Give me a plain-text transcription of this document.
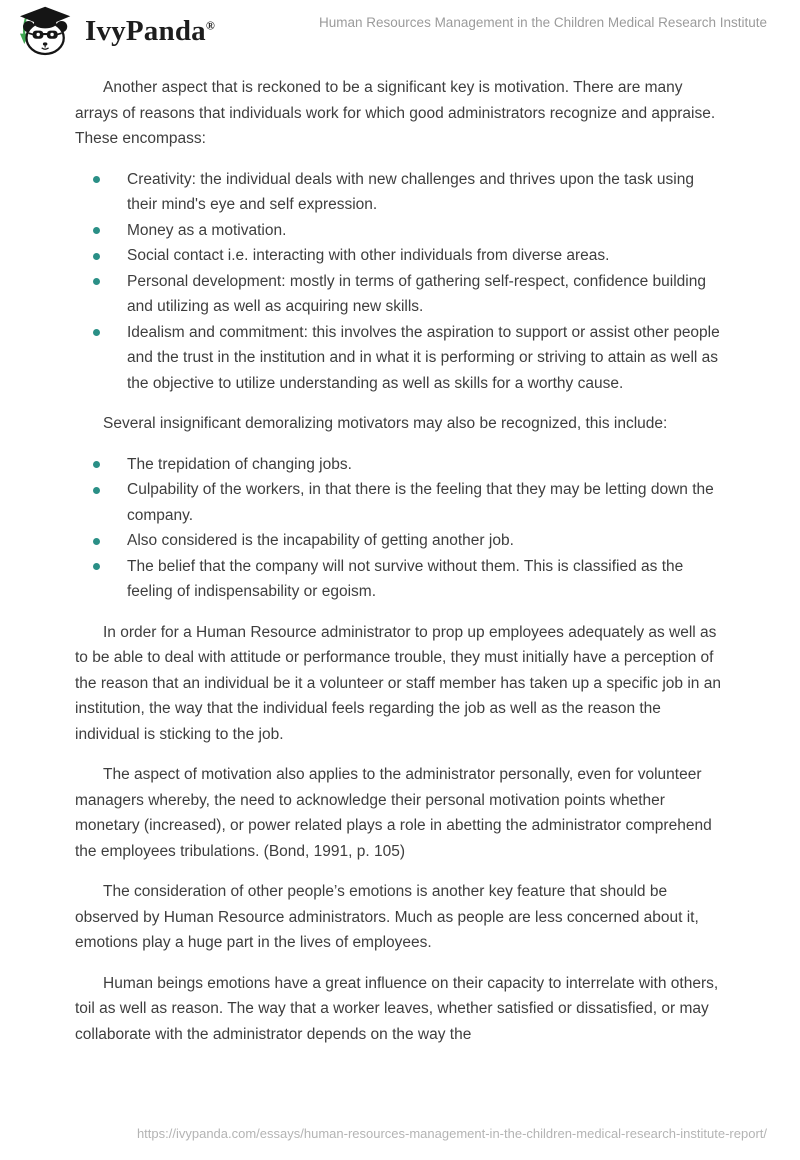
IvyPanda®	Human Resources Management in the Children Medical Research Institute

Another aspect that is reckoned to be a significant key is motivation. There are many arrays of reasons that individuals work for which good administrators recognize and appraise. These encompass:

Creativity: the individual deals with new challenges and thrives upon the task using their mind's eye and self expression.
Money as a motivation.
Social contact i.e. interacting with other individuals from diverse areas.
Personal development: mostly in terms of gathering self-respect, confidence building and utilizing as well as acquiring new skills.
Idealism and commitment: this involves the aspiration to support or assist other people and the trust in the institution and in what it is performing or striving to attain as well as the objective to utilize understanding as well as skills for a worthy cause.

Several insignificant demoralizing motivators may also be recognized, this include:

The trepidation of changing jobs.
Culpability of the workers, in that there is the feeling that they may be letting down the company.
Also considered is the incapability of getting another job.
The belief that the company will not survive without them. This is classified as the feeling of indispensability or egoism.

In order for a Human Resource administrator to prop up employees adequately as well as to be able to deal with attitude or performance trouble, they must initially have a perception of the reason that an individual be it a volunteer or staff member has taken up a specific job in an institution, the way that the individual feels regarding the job as well as the reason the individual is sticking to the job.

The aspect of motivation also applies to the administrator personally, even for volunteer managers whereby, the need to acknowledge their personal motivation points whether monetary (increased), or power related plays a role in abetting the administrator comprehend the employees tribulations. (Bond, 1991, p. 105)

The consideration of other people’s emotions is another key feature that should be observed by Human Resource administrators. Much as people are less concerned about it, emotions play a huge part in the lives of employees.

Human beings emotions have a great influence on their capacity to interrelate with others, toil as well as reason. The way that a worker leaves, whether satisfied or dissatisfied, or may collaborate with the administrator depends on the way the

https://ivypanda.com/essays/human-resources-management-in-the-children-medical-research-institute-report/
